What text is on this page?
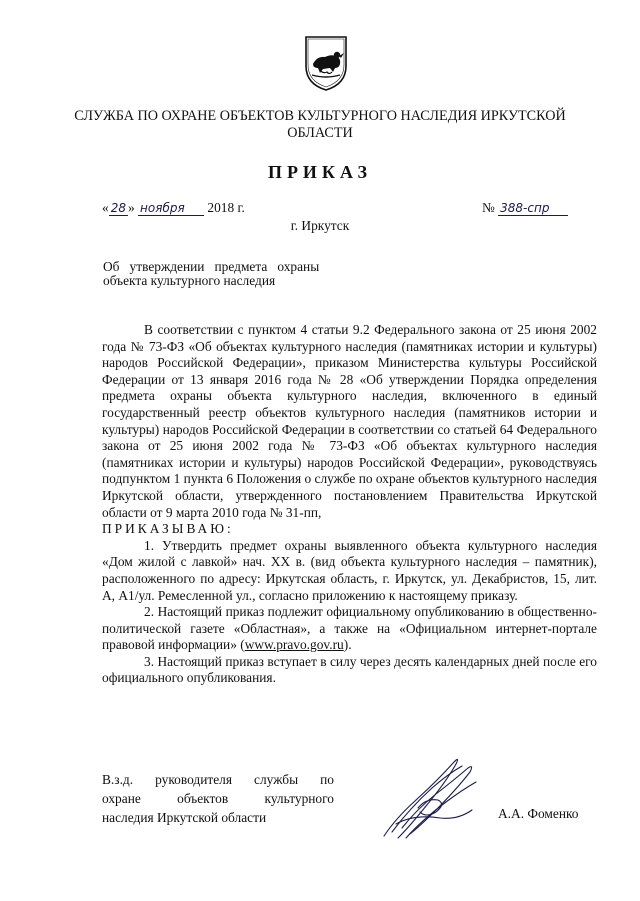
СЛУЖБА ПО ОХРАНЕ ОБЪЕКТОВ КУЛЬТУРНОГО НАСЛЕДИЯ ИРКУТСКОЙ
ОБЛАСТИ
ПРИКАЗ
« 28 » ноября 2018 г.	№ 388-спр
г. Иркутск
Об   утверждении   предмета   охраны
объекта культурного наследия

В соответствии с пунктом 4 статьи 9.2 Федерального закона от 25 июня 2002 года № 73-ФЗ «Об объектах культурного наследия (памятниках истории и культуры) народов Российской Федерации», приказом Министерства культуры Российской Федерации от 13 января 2016 года № 28 «Об утверждении Порядка определения предмета охраны объекта культурного наследия, включенного в единый государственный реестр объектов культурного наследия (памятников истории и культуры) народов Российской Федерации в соответствии со статьей 64 Федерального закона от 25 июня 2002 года № 73-ФЗ «Об объектах культурного наследия (памятниках истории и культуры) народов Российской Федерации», руководствуясь подпунктом 1 пункта 6 Положения о службе по охране объектов культурного наследия Иркутской области, утвержденного постановлением Правительства Иркутской области от 9 марта 2010 года № 31-пп,

ПРИКАЗЫВАЮ:

1. Утвердить предмет охраны выявленного объекта культурного наследия «Дом жилой с лавкой» нач. XX в. (вид объекта культурного наследия – памятник), расположенного по адресу: Иркутская область, г. Иркутск, ул. Декабристов, 15, лит. А, А1/ул. Ремесленной ул., согласно приложению к настоящему приказу.

2. Настоящий приказ подлежит официальному опубликованию в общественно-политической газете «Областная», а также на «Официальном интернет-портале правовой информации» (www.pravo.gov.ru).

3. Настоящий приказ вступает в силу через десять календарных дней после его официального опубликования.

В.з.д. руководителя службы по
охране объектов культурного
наследия Иркутской области	А.А. Фоменко
